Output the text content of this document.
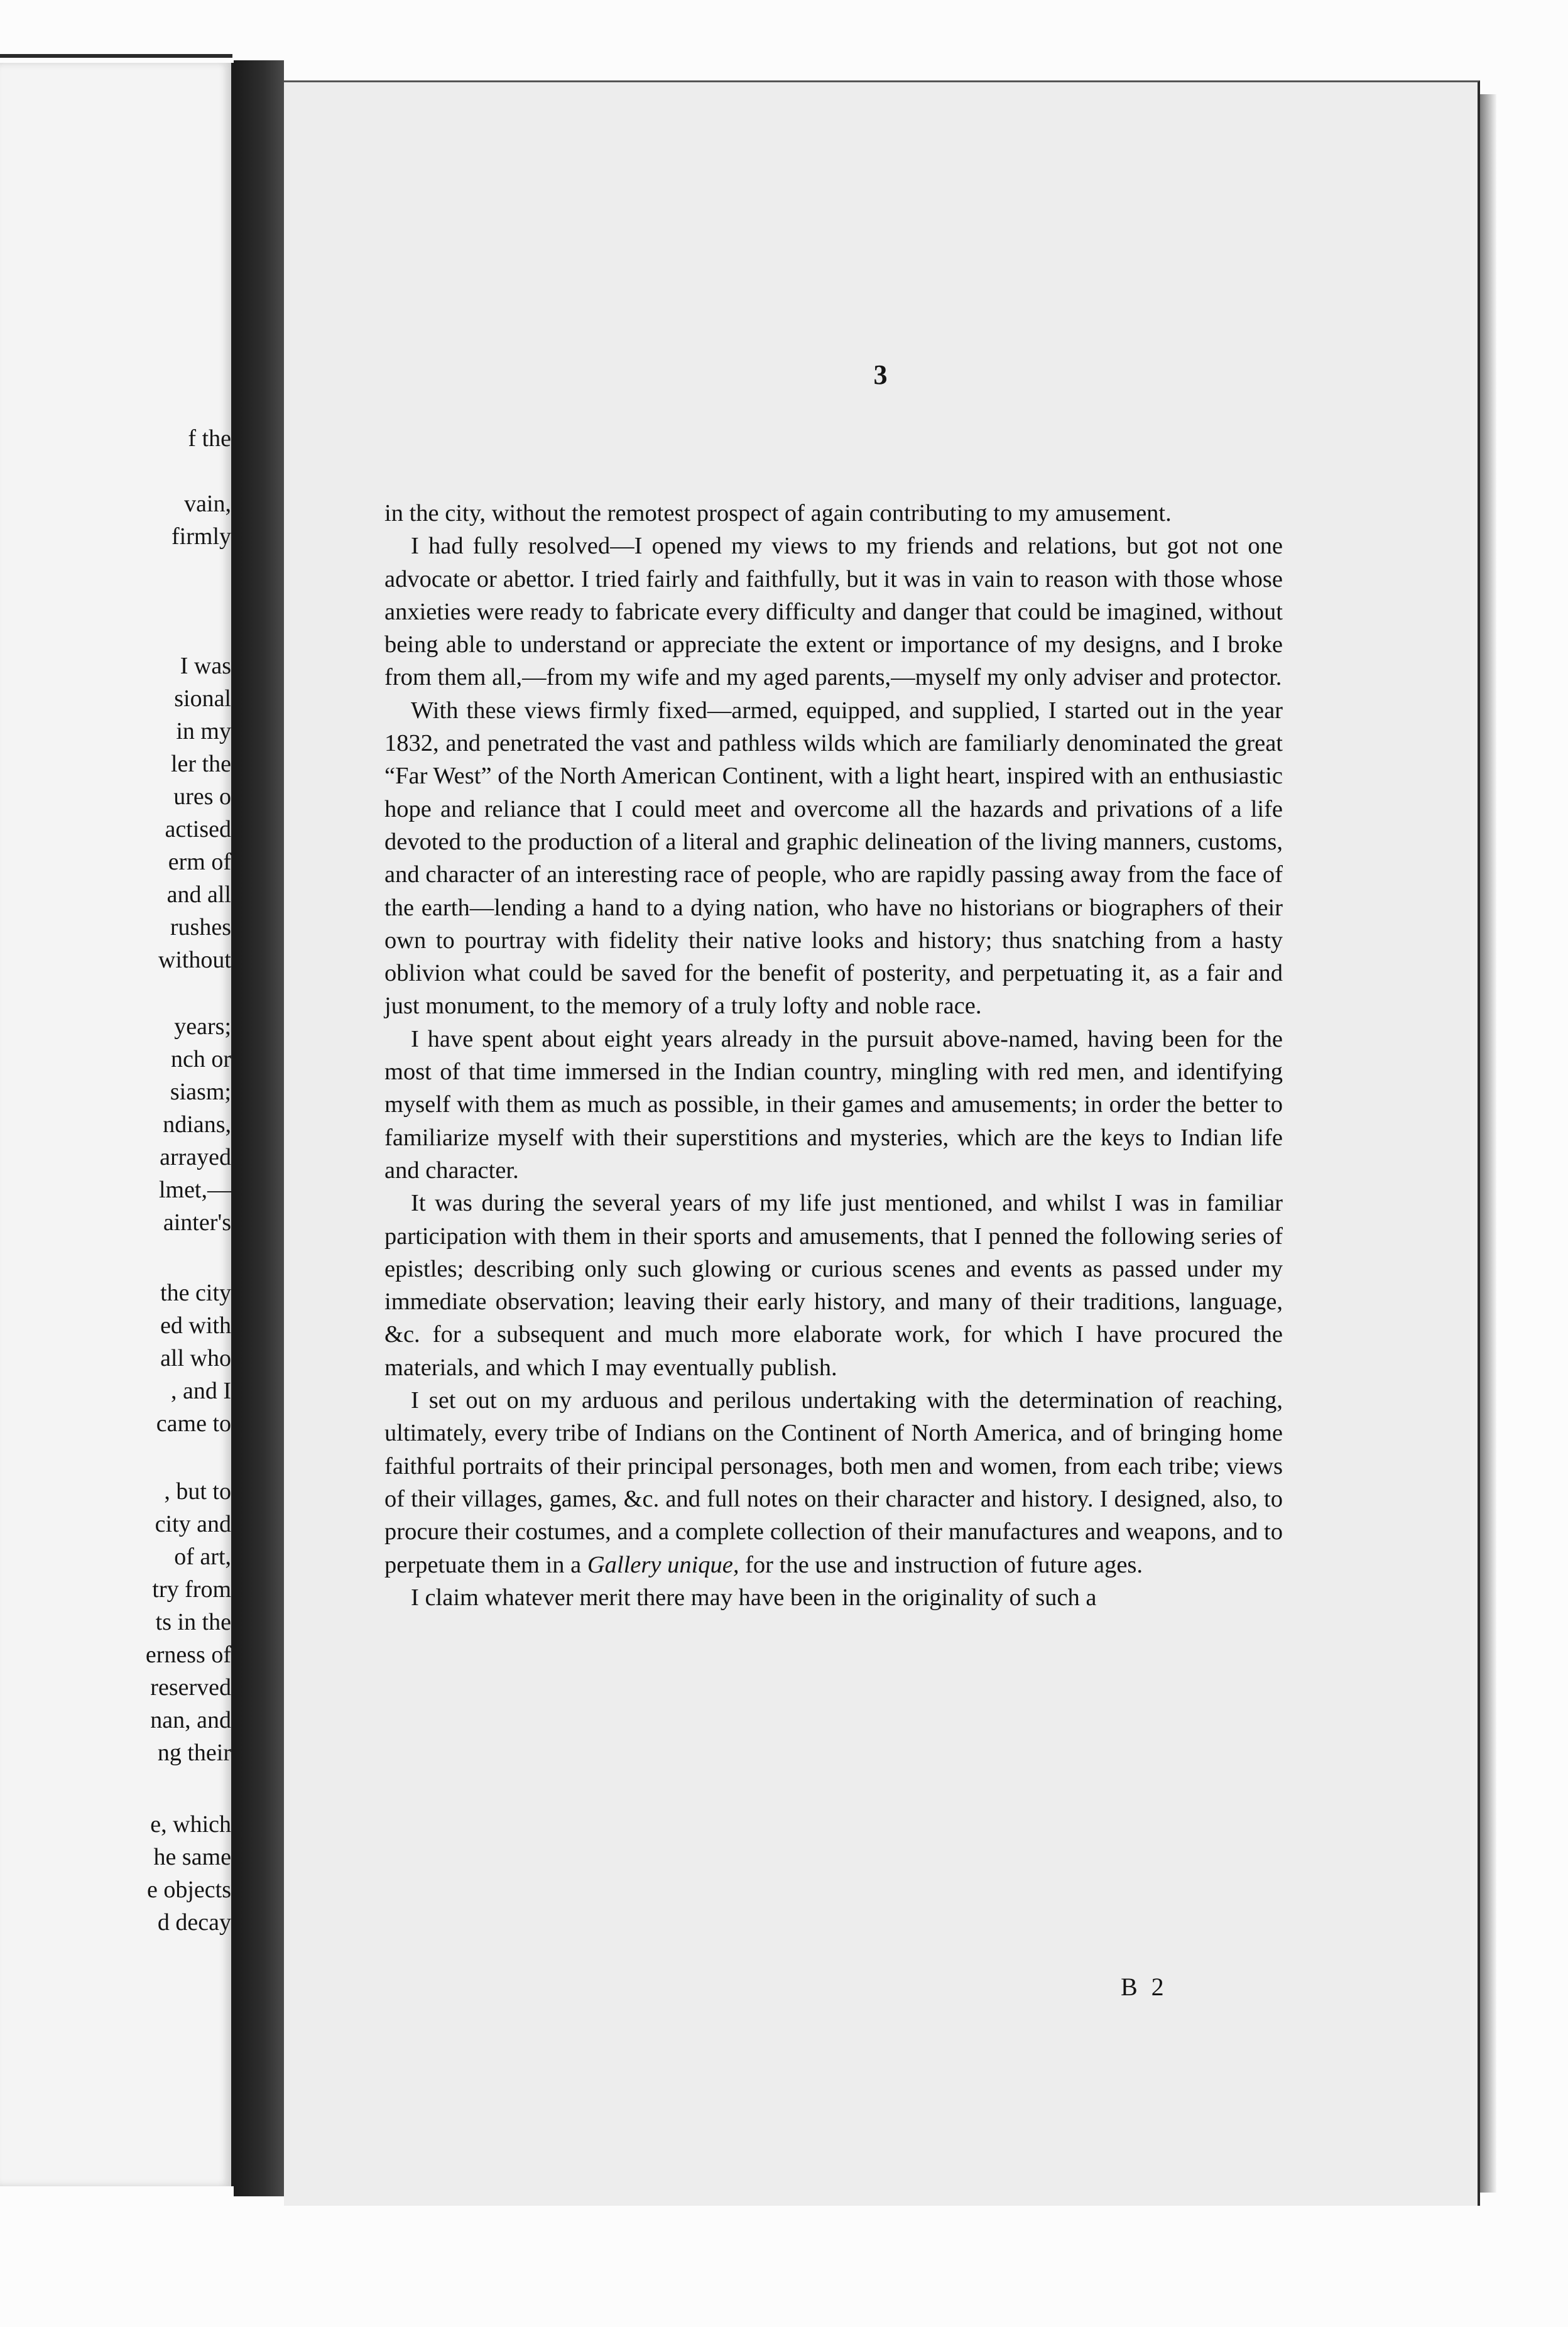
f the

vain,
firmly
I was
sional
in my
ler the
ures o
actised
erm of
and all
rushes
without
years;
nch or
siasm;
ndians,
arrayed
lmet,—
ainter's
the city
ed with
all who
, and I
came to
, but to
city and
of art,
try from
ts in the
erness of
reserved
nan, and
ng their
e, which
he same
e objects
d decay
3

in the city, without the remotest prospect of again contributing to my amusement.

I had fully resolved—I opened my views to my friends and relations, but got not one advocate or abettor. I tried fairly and faithfully, but it was in vain to reason with those whose anxieties were ready to fabricate every difficulty and danger that could be imagined, without being able to understand or appreciate the extent or importance of my designs, and I broke from them all,—from my wife and my aged parents,—myself my only adviser and protector.

With these views firmly fixed—armed, equipped, and supplied, I started out in the year 1832, and penetrated the vast and pathless wilds which are familiarly denominated the great “Far West” of the North American Continent, with a light heart, inspired with an enthusiastic hope and reliance that I could meet and overcome all the hazards and privations of a life devoted to the production of a literal and graphic delineation of the living manners, customs, and character of an interesting race of people, who are rapidly passing away from the face of the earth—lending a hand to a dying nation, who have no historians or biographers of their own to pourtray with fidelity their native looks and history; thus snatching from a hasty oblivion what could be saved for the benefit of posterity, and perpetuating it, as a fair and just monument, to the memory of a truly lofty and noble race.

I have spent about eight years already in the pursuit above-named, having been for the most of that time immersed in the Indian country, mingling with red men, and identifying myself with them as much as possible, in their games and amusements; in order the better to familiarize myself with their superstitions and mysteries, which are the keys to Indian life and character.

It was during the several years of my life just mentioned, and whilst I was in familiar participation with them in their sports and amusements, that I penned the following series of epistles; describing only such glowing or curious scenes and events as passed under my immediate observation; leaving their early history, and many of their traditions, language, &c. for a subsequent and much more elaborate work, for which I have procured the materials, and which I may eventually publish.

I set out on my arduous and perilous undertaking with the determination of reaching, ultimately, every tribe of Indians on the Continent of North America, and of bringing home faithful portraits of their principal personages, both men and women, from each tribe; views of their villages, games, &c. and full notes on their character and history. I designed, also, to procure their costumes, and a complete collection of their manufactures and weapons, and to perpetuate them in a Gallery unique, for the use and instruction of future ages.

I claim whatever merit there may have been in the originality of such a

B 2
